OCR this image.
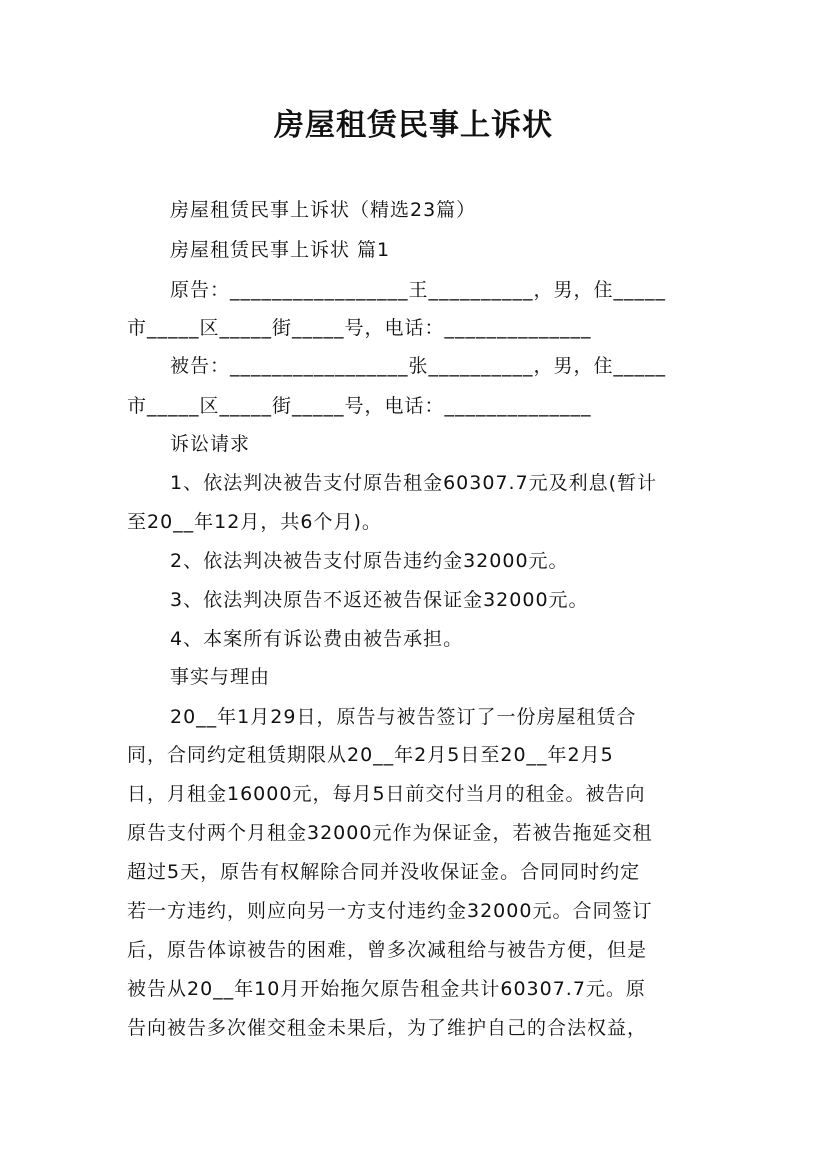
房屋租赁民事上诉状
房屋租赁民事上诉状（精选23篇）
房屋租赁民事上诉状 篇1
原告：_________________王__________，男，住_____
市_____区_____街_____号，电话：______________
被告：_________________张__________，男，住_____
市_____区_____街_____号，电话：______________
诉讼请求
1、依法判决被告支付原告租金60307.7元及利息(暂计
至20__年12月，共6个月)。
2、依法判决被告支付原告违约金32000元。
3、依法判决原告不返还被告保证金32000元。
4、本案所有诉讼费由被告承担。
事实与理由
20__年1月29日，原告与被告签订了一份房屋租赁合
同，合同约定租赁期限从20__年2月5日至20__年2月5
日，月租金16000元，每月5日前交付当月的租金。被告向
原告支付两个月租金32000元作为保证金，若被告拖延交租
超过5天，原告有权解除合同并没收保证金。合同同时约定
若一方违约，则应向另一方支付违约金32000元。合同签订
后，原告体谅被告的困难，曾多次减租给与被告方便，但是
被告从20__年10月开始拖欠原告租金共计60307.7元。原
告向被告多次催交租金未果后，为了维护自己的合法权益，
